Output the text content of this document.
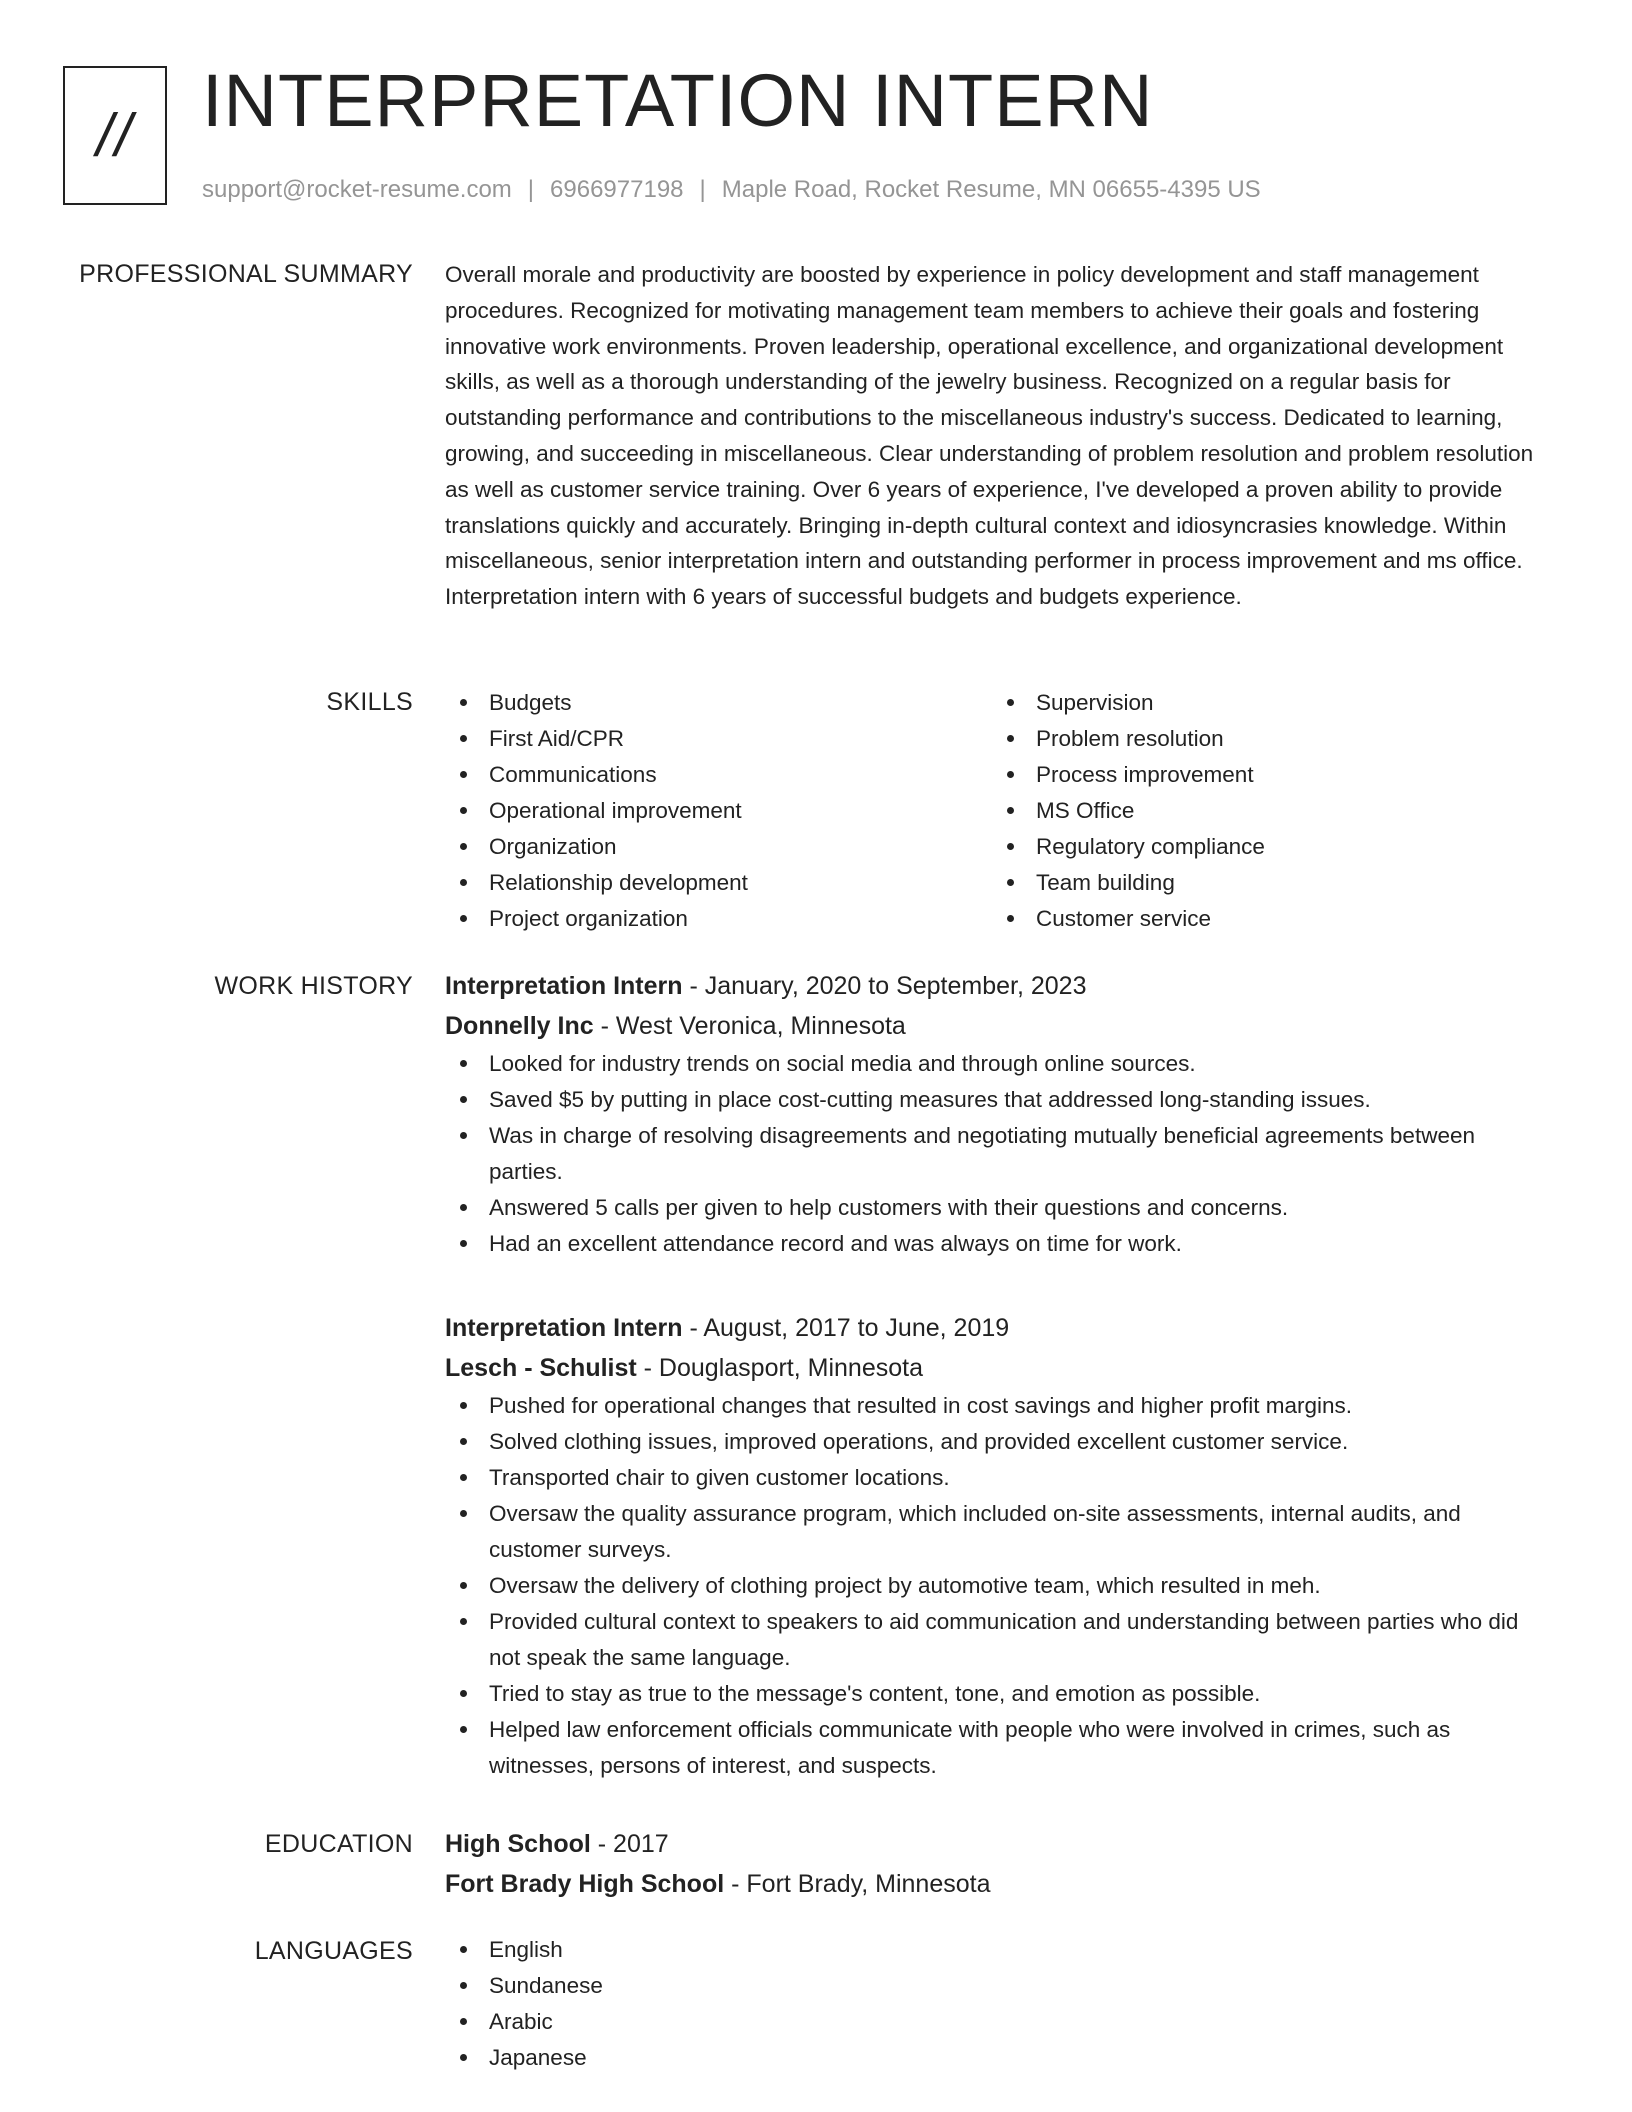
// INTERPRETATION INTERN
support@rocket-resume.com | 6966977198 | Maple Road, Rocket Resume, MN 06655-4395 US
PROFESSIONAL SUMMARY Overall morale and productivity are boosted by experience in policy development and staff management procedures. Recognized for motivating management team members to achieve their goals and fostering innovative work environments. Proven leadership, operational excellence, and organizational development skills, as well as a thorough understanding of the jewelry business. Recognized on a regular basis for outstanding performance and contributions to the miscellaneous industry's success. Dedicated to learning, growing, and succeeding in miscellaneous. Clear understanding of problem resolution and problem resolution as well as customer service training. Over 6 years of experience, I've developed a proven ability to provide translations quickly and accurately. Bringing in-depth cultural context and idiosyncrasies knowledge. Within miscellaneous, senior interpretation intern and outstanding performer in process improvement and ms office. Interpretation intern with 6 years of successful budgets and budgets experience.

SKILLS	Budgets
First Aid/CPR
Communications
Operational improvement
Organization
Relationship development
Project organization
Supervision
Problem resolution
Process improvement
MS Office
Regulatory compliance
Team building
Customer service
WORK HISTORY Interpretation Intern - January, 2020 to September, 2023
Donnelly Inc - West Veronica, Minnesota
Looked for industry trends on social media and through online sources.
Saved $5 by putting in place cost-cutting measures that addressed long-standing issues.
Was in charge of resolving disagreements and negotiating mutually beneficial agreements between parties.
Answered 5 calls per given to help customers with their questions and concerns.
Had an excellent attendance record and was always on time for work.
Interpretation Intern - August, 2017 to June, 2019
Lesch - Schulist - Douglasport, Minnesota
Pushed for operational changes that resulted in cost savings and higher profit margins.
Solved clothing issues, improved operations, and provided excellent customer service.
Transported chair to given customer locations.
Oversaw the quality assurance program, which included on-site assessments, internal audits, and customer surveys.
Oversaw the delivery of clothing project by automotive team, which resulted in meh.
Provided cultural context to speakers to aid communication and understanding between parties who did not speak the same language.
Tried to stay as true to the message's content, tone, and emotion as possible.
Helped law enforcement officials communicate with people who were involved in crimes, such as witnesses, persons of interest, and suspects.
EDUCATION High School - 2017
Fort Brady High School - Fort Brady, Minnesota
LANGUAGES	English
Sundanese
Arabic
Japanese
